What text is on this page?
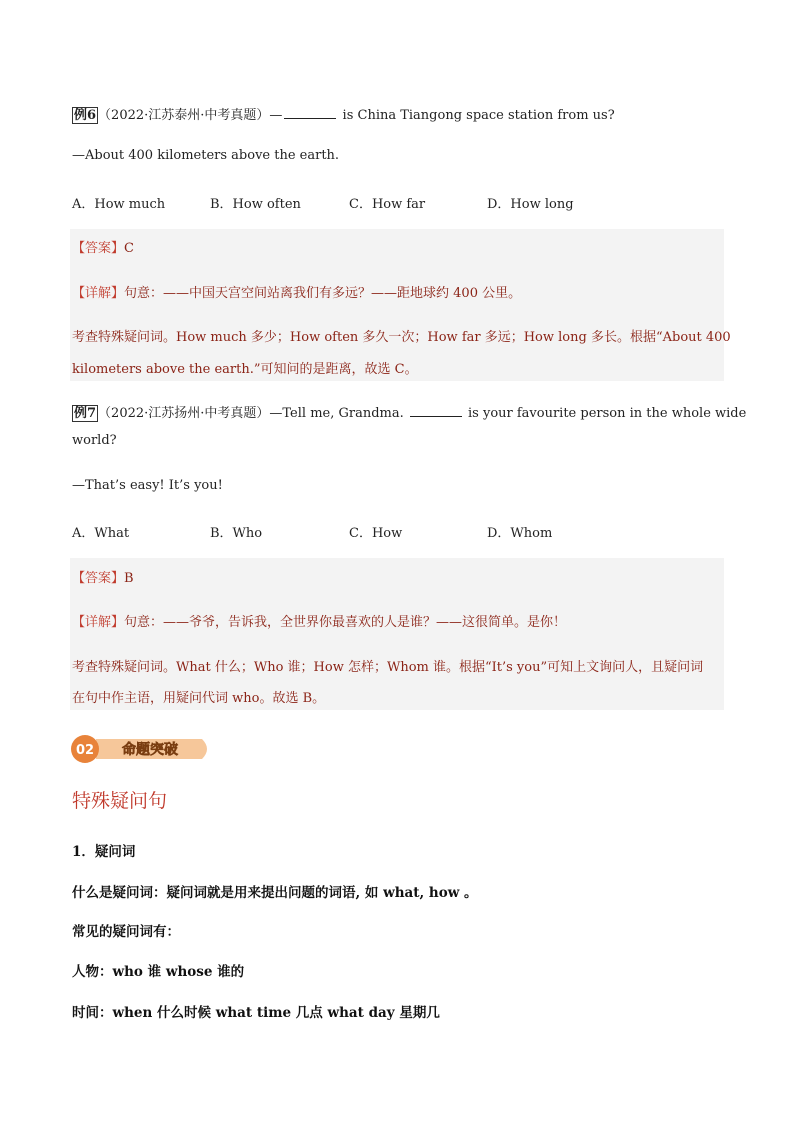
例6 （2022·江苏泰州·中考真题）—	is China Tiangong space station from us?
—About 400 kilometers above the earth.
A．How much	B．How often	C．How far	D．How long
【答案】C
【详解】句意：——中国天宫空间站离我们有多远？——距地球约 400 公里。
考查特殊疑问词。How much 多少；How often 多久一次；How far 多远；How long 多长。根据“About 400
kilometers above the earth.”可知问的是距离，故选 C。
例7 （2022·江苏扬州·中考真题）—Tell me, Grandma.	is your favourite person in the whole wide
world?
—That’s easy! It’s you!
A．What	B．Who	C．How	D．Whom
【答案】B
【详解】句意：——爷爷，告诉我，全世界你最喜欢的人是谁？——这很简单。是你！
考查特殊疑问词。What 什么；Who 谁；How 怎样；Whom 谁。根据“It’s you”可知上文询问人，且疑问词
在句中作主语，用疑问代词 who。故选 B。
02 命题突破
特殊疑问句
1．疑问词
什么是疑问词：疑问词就是用来提出问题的词语, 如 what, how 。
常见的疑问词有：
人物：who 谁 whose 谁的
时间：when 什么时候 what time 几点 what day 星期几
